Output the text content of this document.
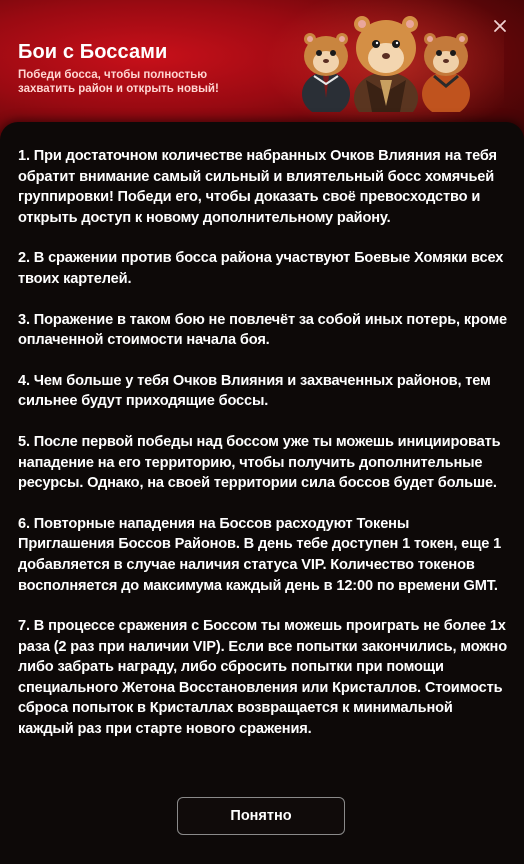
Бои с Боссами
Победи босса, чтобы полностью захватить район и открыть новый!
1. При достаточном количестве набранных Очков Влияния на тебя обратит внимание самый сильный и влиятельный босс хомячьей группировки! Победи его, чтобы доказать своё превосходство и открыть доступ к новому дополнительному району.
2. В сражении против босса района участвуют Боевые Хомяки всех твоих картелей.
3. Поражение в таком бою не повлечёт за собой иных потерь, кроме оплаченной стоимости начала боя.
4. Чем больше у тебя Очков Влияния и захваченных районов, тем сильнее будут приходящие боссы.
5. После первой победы над боссом уже ты можешь инициировать нападение на его территорию, чтобы получить дополнительные ресурсы. Однако, на своей территории сила боссов будет больше.
6. Повторные нападения на Боссов расходуют Токены Приглашения Боссов Районов. В день тебе доступен 1 токен, еще 1 добавляется в случае наличия статуса VIP. Количество токенов восполняется до максимума каждый день в 12:00 по времени GMT.
7. В процессе сражения с Боссом ты можешь проиграть не более 1х раза (2 раз при наличии VIP). Если все попытки закончились, можно либо забрать награду, либо сбросить попытки при помощи специального Жетона Восстановления или Кристаллов. Стоимость сброса попыток в Кристаллах возвращается к минимальной каждый раз при старте нового сражения.
Понятно
